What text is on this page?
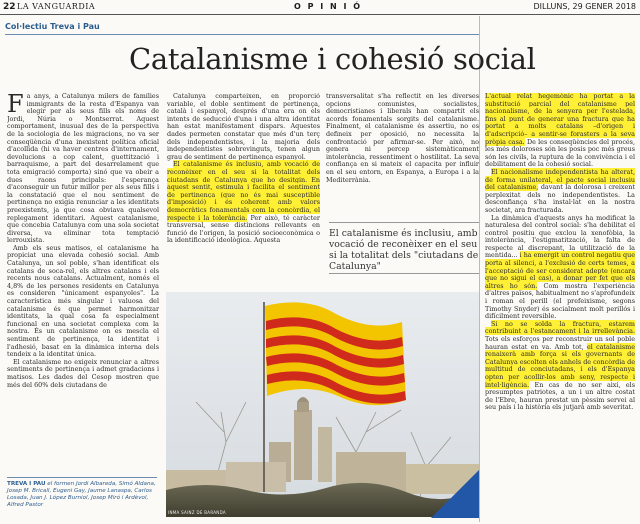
22 LA VANGUARDIA	O P I N I Ó	DILLUNS, 29 GENER 2018
Col·lectiu Treva i Pau
Catalanisme i cohesió social

Fa anys, a Catalunya milers de famílies immigrants de la resta d'Espanya van elegir per als seus fills els noms de Jordi, Núria o Montserrat. Aquest comportament, inusual des de la perspectiva de la sociologia de les migracions, no va ser conseqüència d'una inexistent política oficial d'acollida (hi va haver centres d'internament, devolucions a cop calent, guettització i barraquisme, a part del desarrelament que tota emigració comporta) sinó que va obeir a dues raons principals: l'esperança d'aconseguir un futur millor per als seus fills i la constatació que el nou sentiment de pertinença no exigia renunciar a les identitats preexistents, ja que cosa obviava qualsevol replegament identitari. Aquest catalanisme, que concebia Catalunya com una sola societat diversa, va eliminar tota temptació lerrouxista.

Amb els seus matisos, el catalanisme ha propiciat una elevada cohesió social. Amb Catalunya, un sol poble, s'han identificat els catalans de soca-rel, els altres catalans i els recents nous catalans. Actualment, només el 4,8% de les persones residents en Catalunya es consideren "únicament espanyoles". La característica més singular i valuosa del catalanisme és que permet harmonitzar identitats, la qual cosa fa especialment funcional en una societat complexa com la nostra. És un catalanisme on es mescla el sentiment de pertinença, la identitat i l'adhesió, basat en la dinàmica interna dels tendeix a la identitat única.

El catalanisme no exigeix renunciar a altres sentiments de pertinença i admet gradacions i matisos. Les dades del Cesop mostren que més del 60% dels ciutadans de

Catalunya comparteixen, en proporció variable, el doble sentiment de pertinença, català i espanyol, després d'una era on els intents de seducció d'una i una altra identitat han estat manifestament dispars. Aquestes dades permeten constatar que més d'un terç dels independentistes, i la majoria dels independentistes sobrevinguts, tenen algun grau de sentiment de pertinença espanyol.

El catalanisme és inclusiu, amb vocació de reconèixer en el seu si la totalitat dels ciutadans de Catalunya que ho desitgin. En aquest sentit, estimula i facilita el sentiment de pertinença (que no és mai susceptible d'imposició) i és coherent amb valors democràtics fonamentals com la concòrdia, el respecte i la tolerància. Per això, té caràcter transversal, sense distincions rellevants en funció de l'origen, la posició socioeconòmica o la identificació ideològica. Aquesta

transversalitat s'ha reflectit en les diverses opcions comunistes, socialistes, democristianes i liberals han compartit els acords fonamentals sorgits del catalanisme. Finalment, el catalanisme és assertiu, no es defineix per oposició, no necessita la confrontació per afirmar-se. Per això, no genera ni percep sistemàticament intolerància, ressentiment o hostilitat. La seva confiança en si mateix el capacita per influir en el seu entorn, en Espanya, a Europa i a la Mediterrània.

El catalanisme és inclusiu, amb vocació de reconèixer en el seu si la totalitat dels "ciutadans de Catalunya"
INMA SAINZ DE BARANDA
TREVA I PAU el formen Jordi Albareda, Simó Aldana, Josep M. Bricall, Eugeni Gay, Jaume Lanaspa, Carlos Losada, Juan J. López Burniol, Josep Miró i Ardèvol, Alfred Pastor

L'actual relat hegemònic ha portat a la substitució parcial del catalanisme pel nacionalisme, de la senyera per l'estelada, fins al punt de generar una fractura que ha portat a molts catalans –d'origen i d'adscripció– a sentir-se forasters a la seva pròpia casa. De les conseqüències del procés, les més doloroses són les posis poc més greus són les civils, la ruptura de la convivència i el debilitament de la cohesió social.

El nacionalisme independentista ha alterat, de forma unilateral, el pacte social inclusiu del catalanisme, davant la dolorosa i creixent perplexitat dels no independentistes. La desconfiança s'ha instal·lat en la nostra societat, ara fracturada.

La dinàmica d'aquests anys ha modificat la naturalesa del control social: s'ha debilitat el control positiu que exclou la xenofòbia, la intolerància, l'estigmatització, la falta de respecte al discrepant, la utilització de la mentida... i ha emergit un control negatiu que porta al silenci, a l'exclusió de certs temes, a l'acceptació de ser considerat adepte (encara que no sigui el cas), a donar per fet que els altres ho són. Com mostra l'experiència d'altres països, habitualment no s'aprofundeix i roman el perill (el prefeixisme, segons Timothy Snyder) és socialment molt perillós i difícilment reversible.

Si no se solda la fractura, estarem contribuint a l'estancament i la irrellevància. Tots els esforços per reconstruir un sol poble hauran estat en va. Amb tot, el catalanisme renaixerà amb força si els governants de Catalunya escolten els anhels de concòrdia de multitud de conciutadans, i els d'Espanya opten per acollir-los amb seny, respecte i intel·ligència. En cas de no ser així, els presumptes patriotes, a un i un altre costat de l'Ebre, hauran prestat un pèssim servei al seu país i la història els jutjarà amb severitat.
